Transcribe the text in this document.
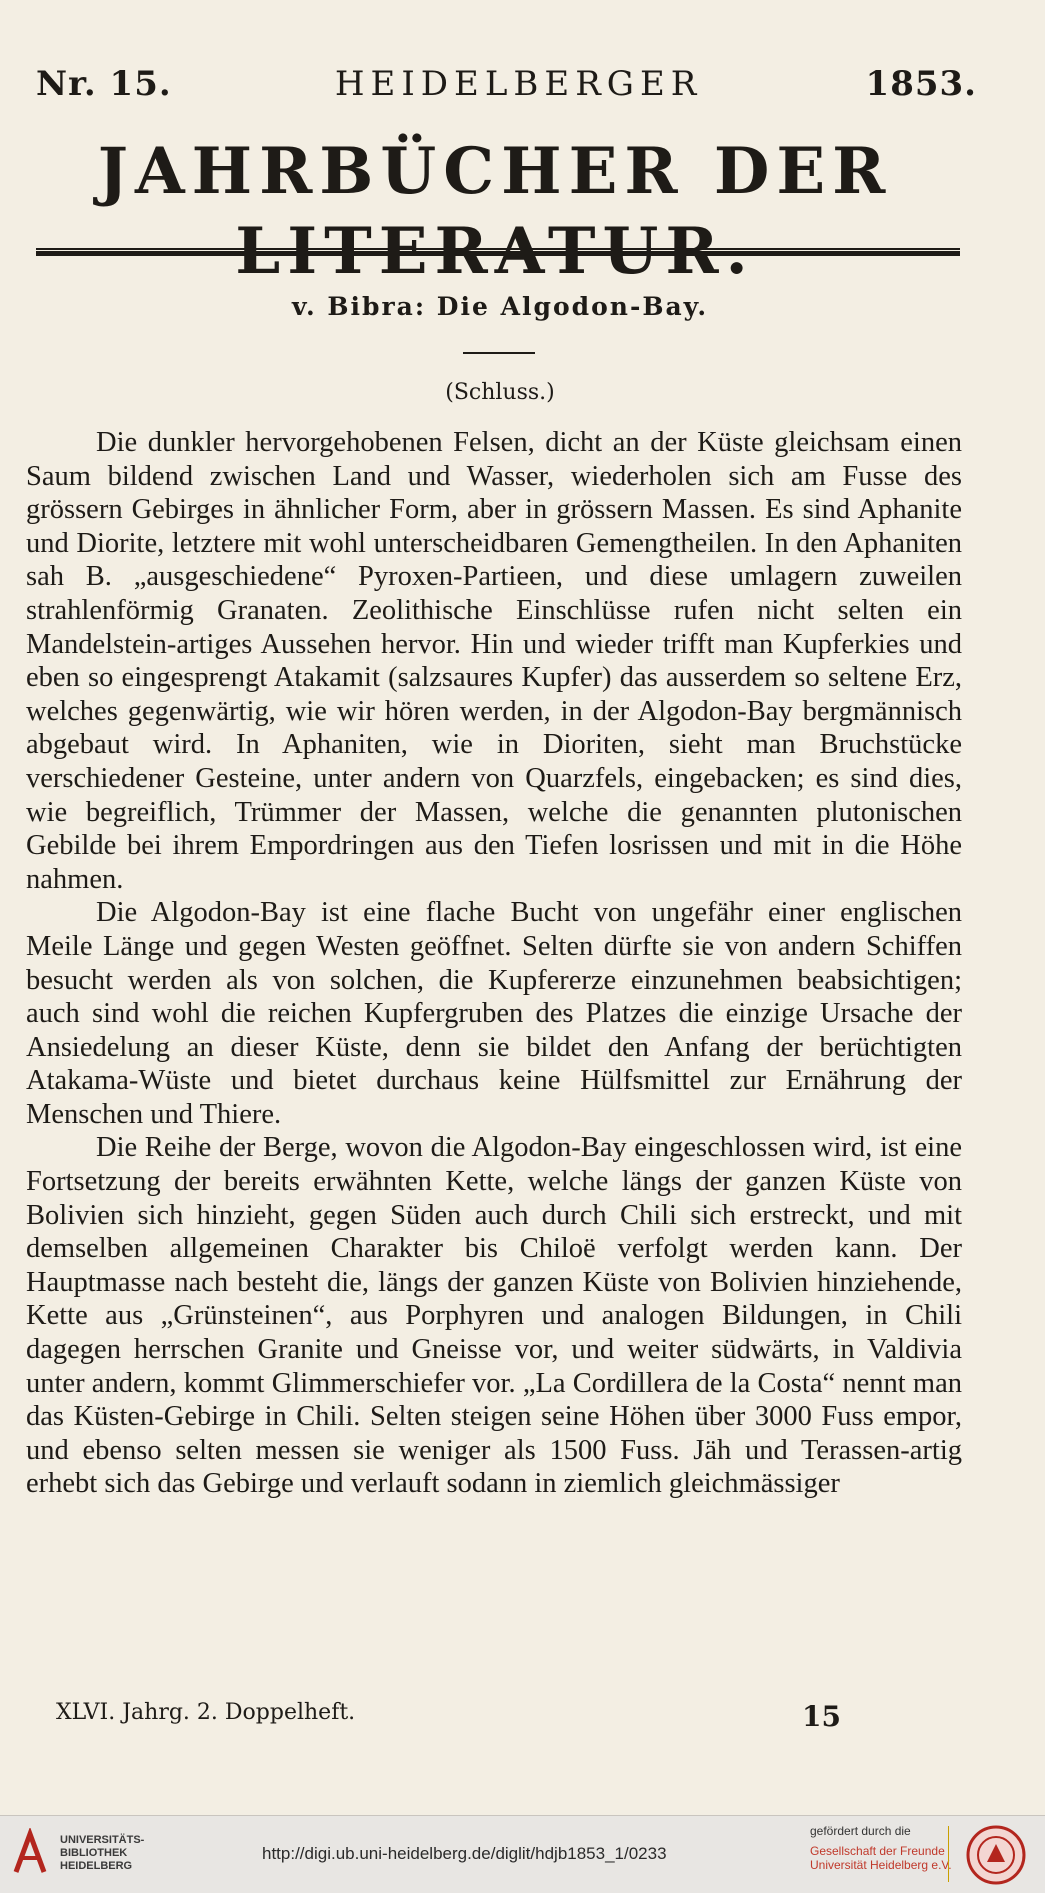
Nr. 15.	HEIDELBERGER	1853.
JAHRBÜCHER DER LITERATUR.
v. Bibra: Die Algodon-Bay.
(Schluss.)

Die dunkler hervorgehobenen Felsen, dicht an der Küste gleichsam einen Saum bildend zwischen Land und Wasser, wiederholen sich am Fusse des grössern Gebirges in ähnlicher Form, aber in grössern Massen. Es sind Aphanite und Diorite, letztere mit wohl unterscheidbaren Gemengtheilen. In den Aphaniten sah B. „ausgeschiedene“ Pyroxen-Partieen, und diese umlagern zuweilen strahlenförmig Granaten. Zeolithische Einschlüsse rufen nicht selten ein Mandelstein-artiges Aussehen hervor. Hin und wieder trifft man Kupferkies und eben so eingesprengt Atakamit (salzsaures Kupfer) das ausserdem so seltene Erz, welches gegenwärtig, wie wir hören werden, in der Algodon-Bay bergmännisch abgebaut wird. In Aphaniten, wie in Dioriten, sieht man Bruchstücke verschiedener Gesteine, unter andern von Quarzfels, eingebacken; es sind dies, wie begreiflich, Trümmer der Massen, welche die genannten plutonischen Gebilde bei ihrem Empordringen aus den Tiefen losrissen und mit in die Höhe nahmen.

Die Algodon-Bay ist eine flache Bucht von ungefähr einer englischen Meile Länge und gegen Westen geöffnet. Selten dürfte sie von andern Schiffen besucht werden als von solchen, die Kupfererze einzunehmen beabsichtigen; auch sind wohl die reichen Kupfergruben des Platzes die einzige Ursache der Ansiedelung an dieser Küste, denn sie bildet den Anfang der berüchtigten Atakama-Wüste und bietet durchaus keine Hülfsmittel zur Ernährung der Menschen und Thiere.

Die Reihe der Berge, wovon die Algodon-Bay eingeschlossen wird, ist eine Fortsetzung der bereits erwähnten Kette, welche längs der ganzen Küste von Bolivien sich hinzieht, gegen Süden auch durch Chili sich erstreckt, und mit demselben allgemeinen Charakter bis Chiloë verfolgt werden kann. Der Hauptmasse nach besteht die, längs der ganzen Küste von Bolivien hinziehende, Kette aus „Grünsteinen“, aus Porphyren und analogen Bildungen, in Chili dagegen herrschen Granite und Gneisse vor, und weiter südwärts, in Valdivia unter andern, kommt Glimmerschiefer vor. „La Cordillera de la Costa“ nennt man das Küsten-Gebirge in Chili. Selten steigen seine Höhen über 3000 Fuss empor, und ebenso selten messen sie weniger als 1500 Fuss. Jäh und Terassen-artig erhebt sich das Gebirge und verlauft sodann in ziemlich gleichmässiger

XLVI. Jahrg. 2. Doppelheft.	15
UNIVERSITÄTS-
BIBLIOTHEK
HEIDELBERG
http://digi.ub.uni-heidelberg.de/diglit/hdjb1853_1/0233
gefördert durch die
Gesellschaft der Freunde
Universität Heidelberg e.V.
